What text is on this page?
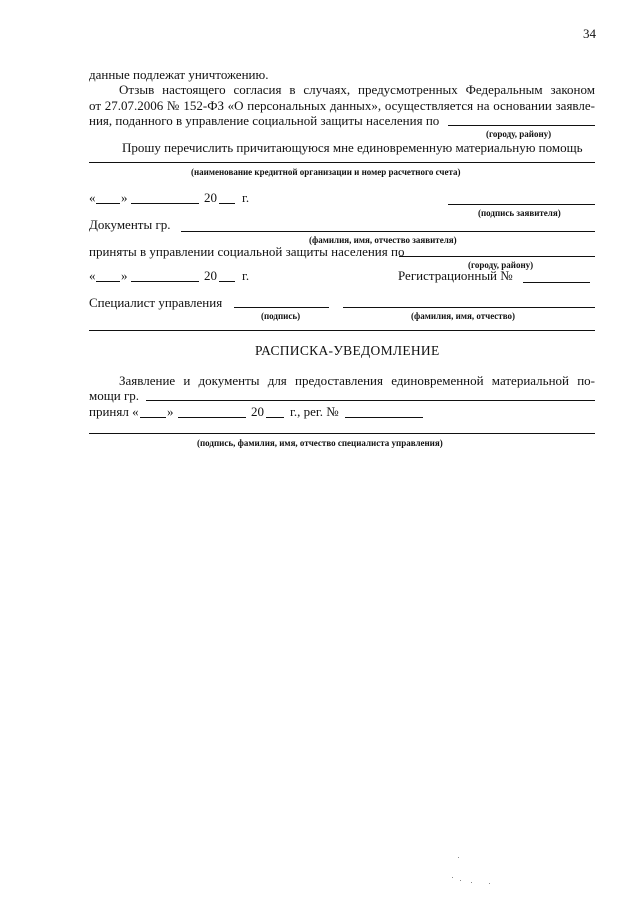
34
данные подлежат уничтожению.
Отзыв настоящего согласия в случаях, предусмотренных Федеральным законом
от 27.07.2006 № 152-ФЗ «О персональных данных», осуществляется на основании заявле-
ния, поданного в управление социальной защиты населения по
(городу, району)
Прошу перечислить причитающуюся мне единовременную материальную помощь
(наименование кредитной организации и номер расчетного счета)
« »	20 г.
(подпись заявителя)
Документы гр.
(фамилия, имя, отчество заявителя)
приняты в управлении социальной защиты населения по
(городу, району)
« »	20 г.	Регистрационный №
Специалист управления
(подпись)	(фамилия, имя, отчество)
РАСПИСКА-УВЕДОМЛЕНИЕ
Заявление и документы для предоставления единовременной материальной по-
мощи гр.
принял « »	20 г., рег. №
(подпись, фамилия, имя, отчество специалиста управления)
